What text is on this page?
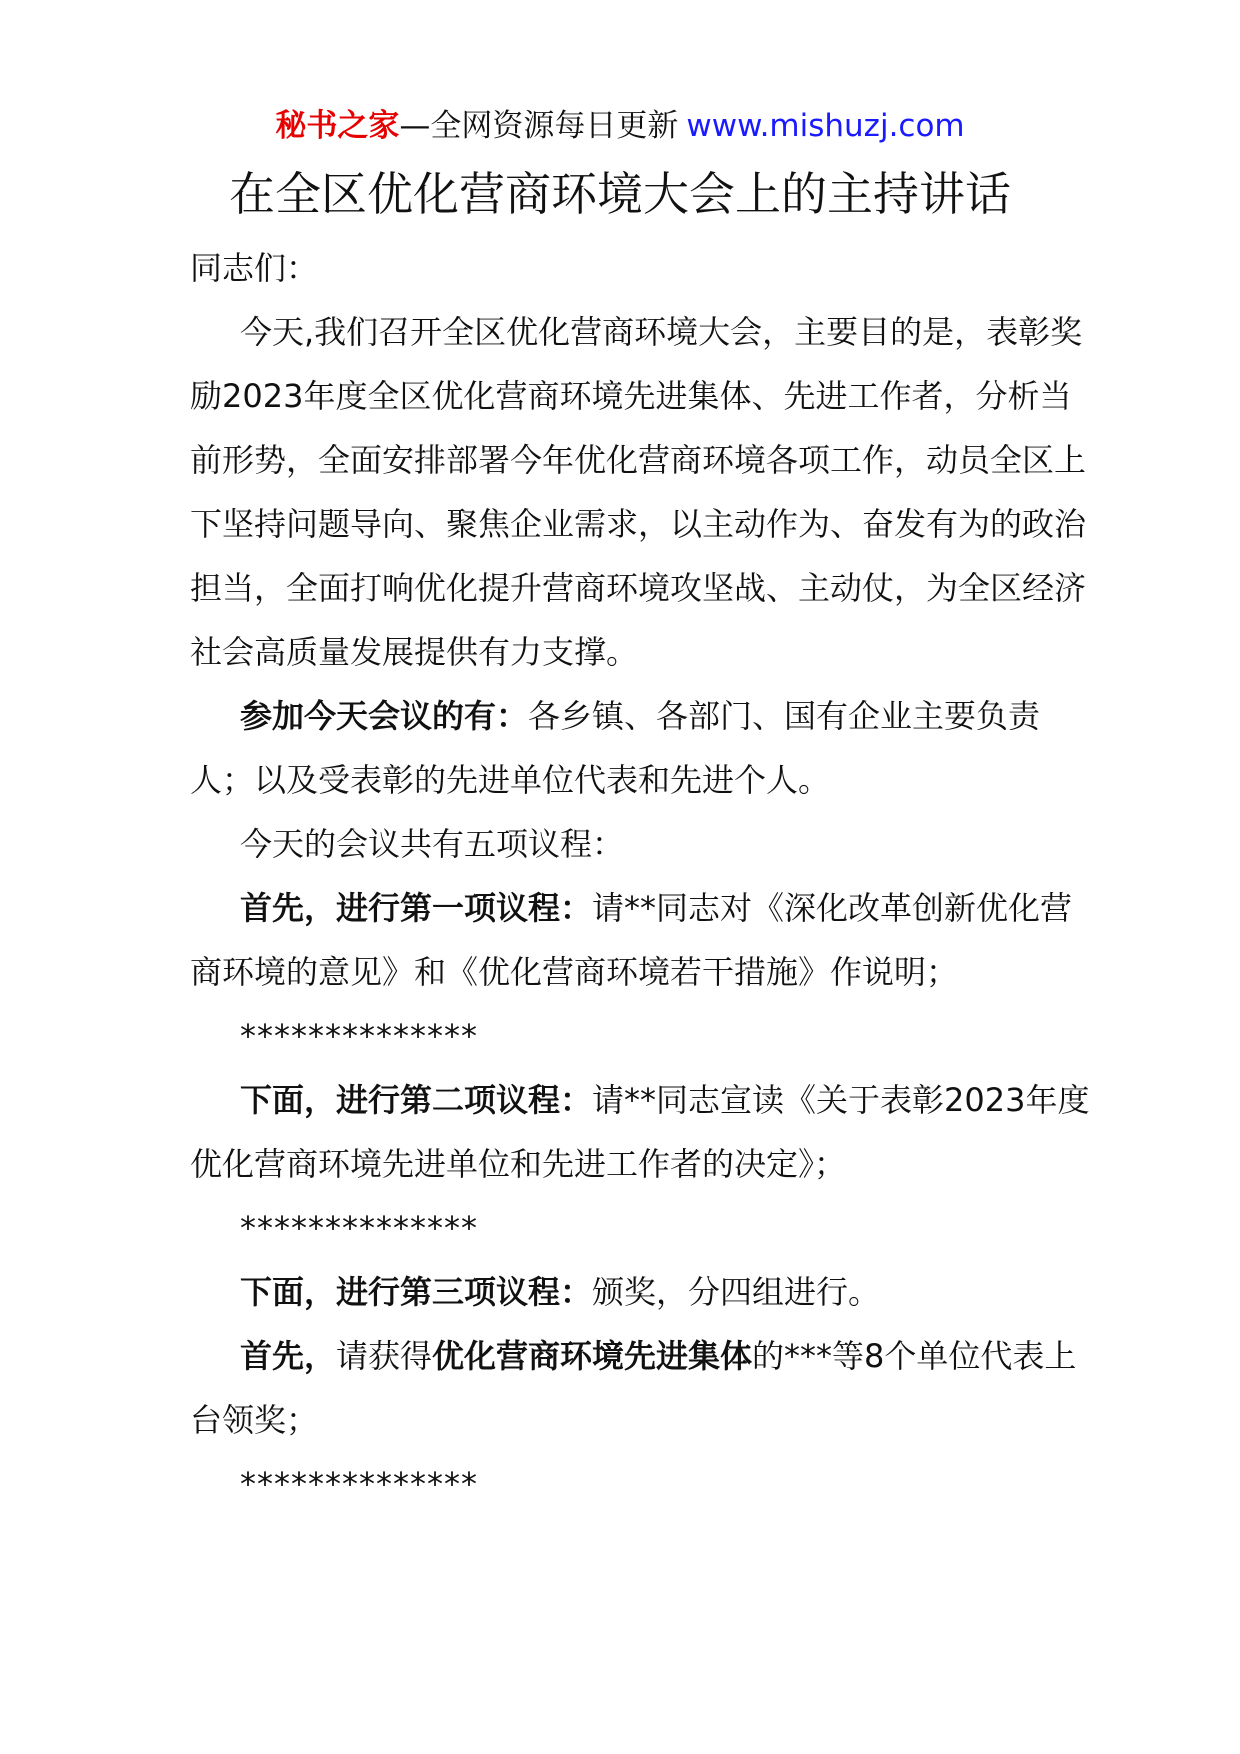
秘书之家—全网资源每日更新 www.mishuzj.com
在全区优化营商环境大会上的主持讲话

同志们：

今天,我们召开全区优化营商环境大会，主要目的是，表彰奖励2023年度全区优化营商环境先进集体、先进工作者，分析当前形势，全面安排部署今年优化营商环境各项工作，动员全区上下坚持问题导向、聚焦企业需求，以主动作为、奋发有为的政治担当，全面打响优化提升营商环境攻坚战、主动仗，为全区经济社会高质量发展提供有力支撑。

参加今天会议的有：各乡镇、各部门、国有企业主要负责人；以及受表彰的先进单位代表和先进个人。

今天的会议共有五项议程：

首先，进行第一项议程：请**同志对《深化改革创新优化营商环境的意见》和《优化营商环境若干措施》作说明；

**************

下面，进行第二项议程：请**同志宣读《关于表彰2023年度优化营商环境先进单位和先进工作者的决定》；

**************

下面，进行第三项议程：颁奖，分四组进行。

首先，请获得优化营商环境先进集体的***等8个单位代表上台领奖；

**************
